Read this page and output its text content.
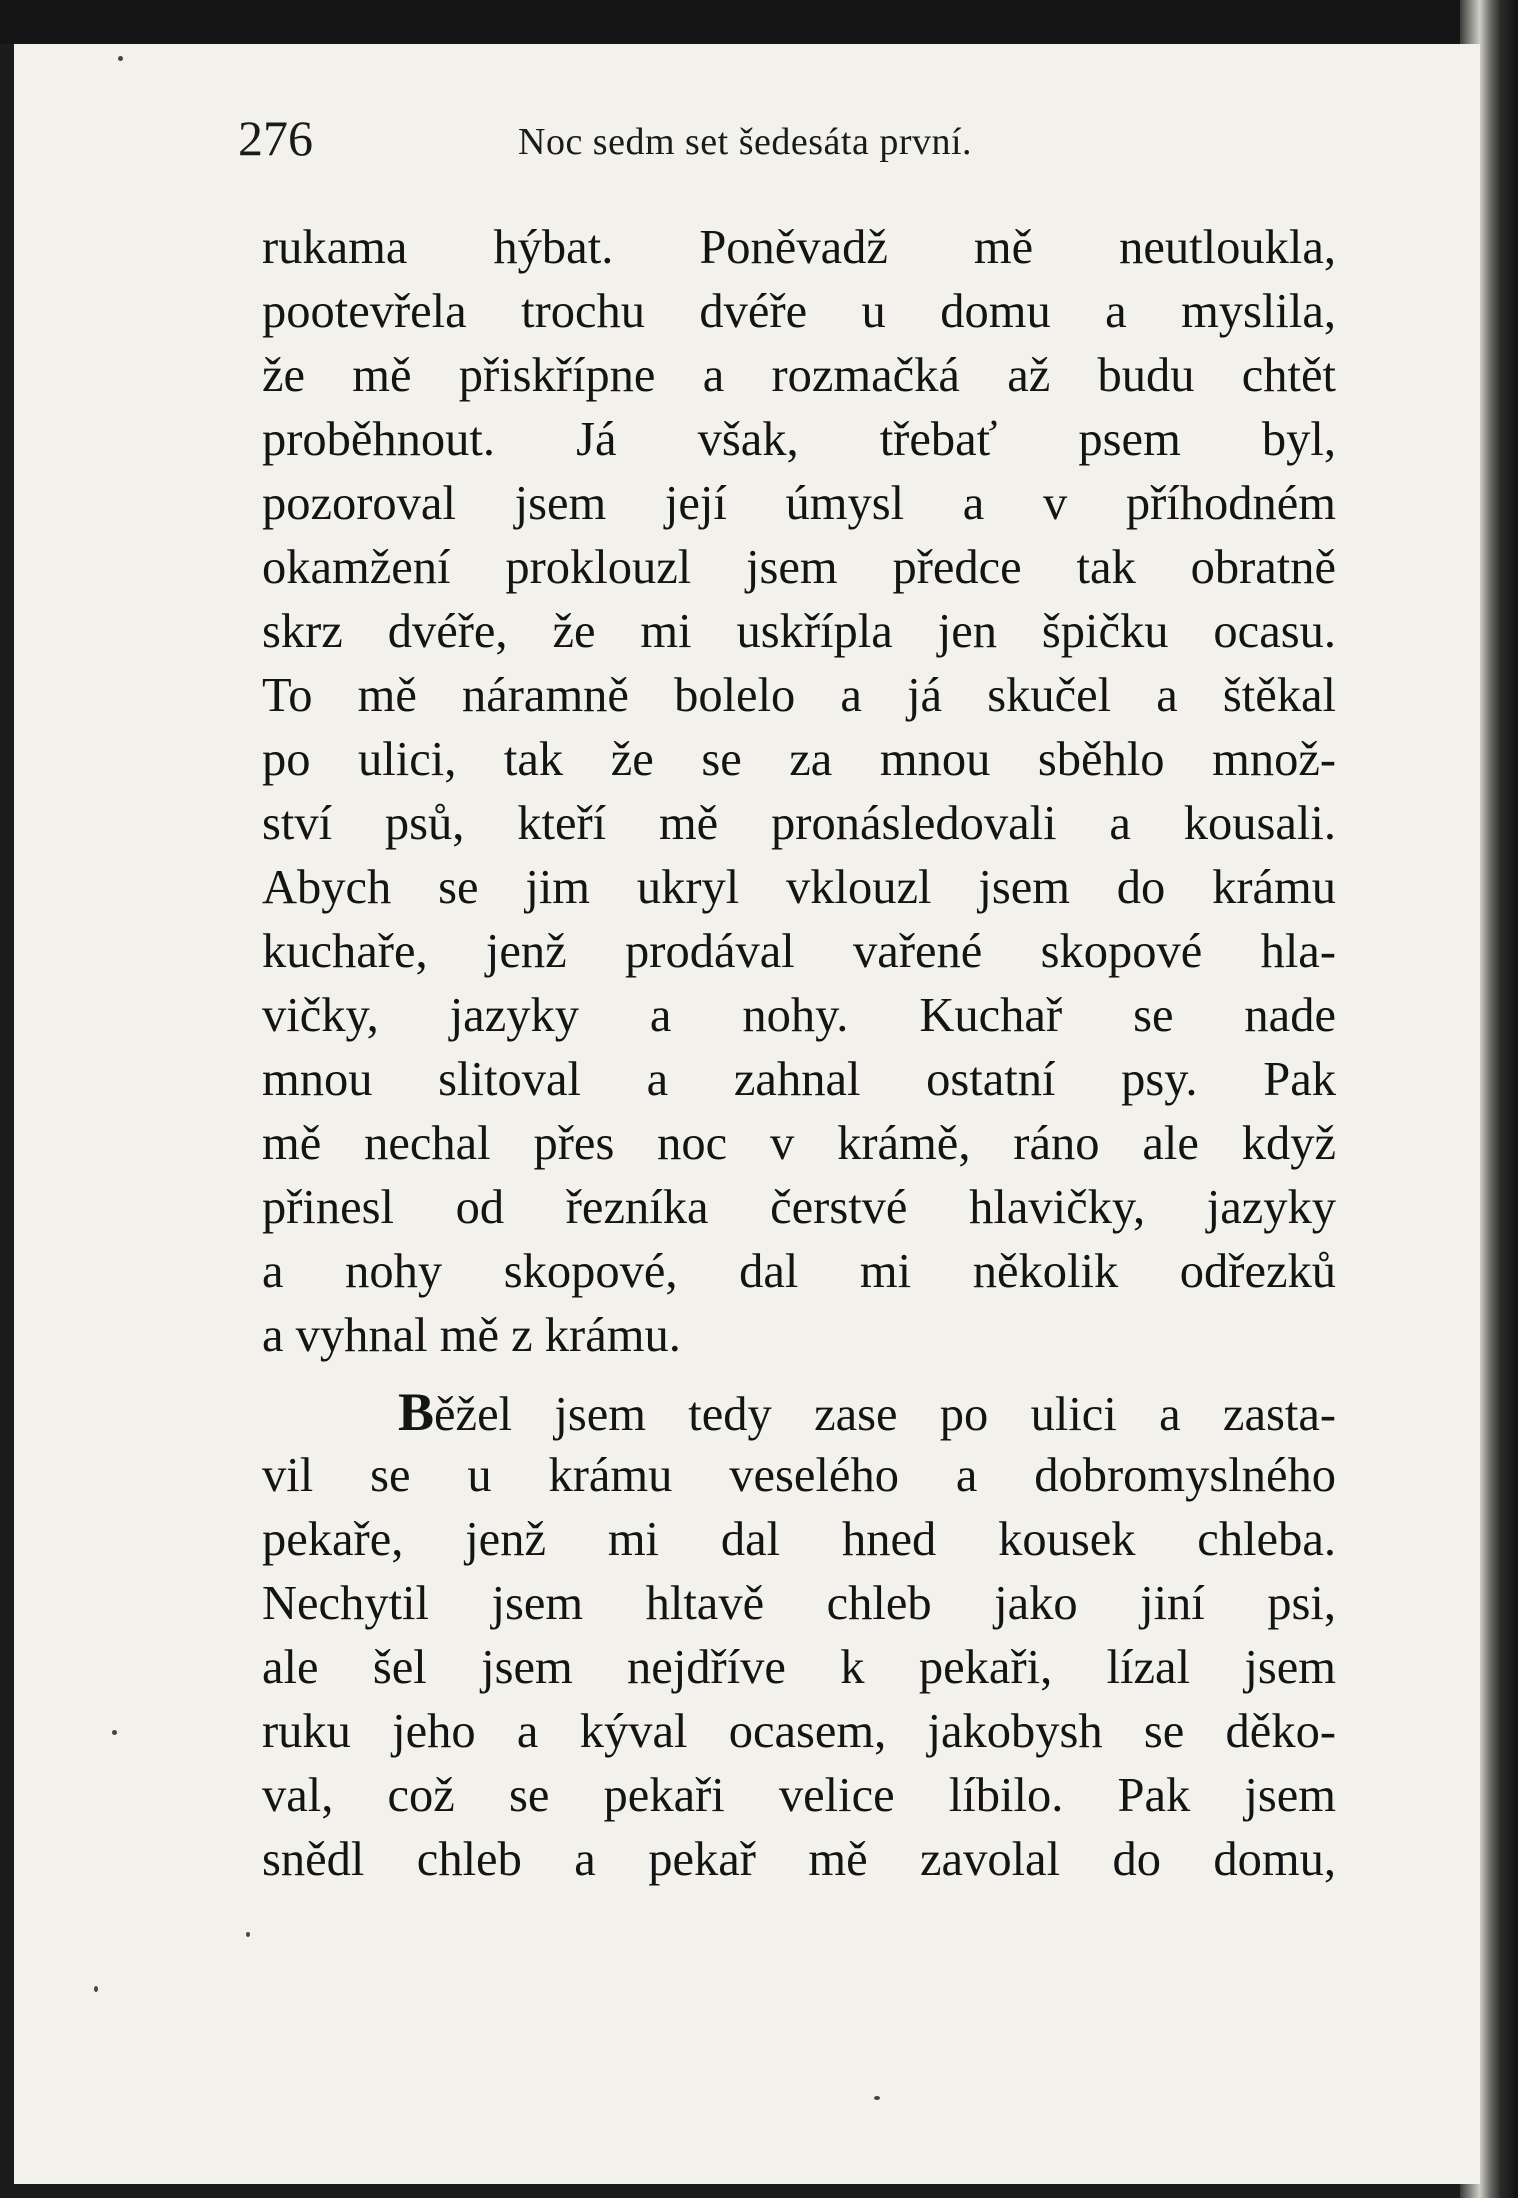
276	Noc sedm set šedesáta první.
rukama hýbat. Poněvadž mě neutloukla,
pootevřela trochu dvéře u domu a myslila,
že mě přiskřípne a rozmačká až budu chtět
proběhnout. Já však, třebať psem byl,
pozoroval jsem její úmysl a v příhodném
okamžení proklouzl jsem předce tak obratně
skrz dvéře, že mi uskřípla jen špičku ocasu.
To mě náramně bolelo a já skučel a štěkal
po ulici, tak že se za mnou sběhlo množ-
ství psů, kteří mě pronásledovali a kousali.
Abych se jim ukryl vklouzl jsem do krámu
kuchaře, jenž prodával vařené skopové hla-
vičky, jazyky a nohy. Kuchař se nade
mnou slitoval a zahnal ostatní psy. Pak
mě nechal přes noc v krámě, ráno ale když
přinesl od řezníka čerstvé hlavičky, jazyky
a nohy skopové, dal mi několik odřezků
a vyhnal mě z krámu.
Běžel jsem tedy zase po ulici a zasta-
vil se u krámu veselého a dobromyslného
pekaře, jenž mi dal hned kousek chleba.
Nechytil jsem hltavě chleb jako jiní psi,
ale šel jsem nejdříve k pekaři, lízal jsem
ruku jeho a kýval ocasem, jakobysh se děko-
val, což se pekaři velice líbilo. Pak jsem
snědl chleb a pekař mě zavolal do domu,
